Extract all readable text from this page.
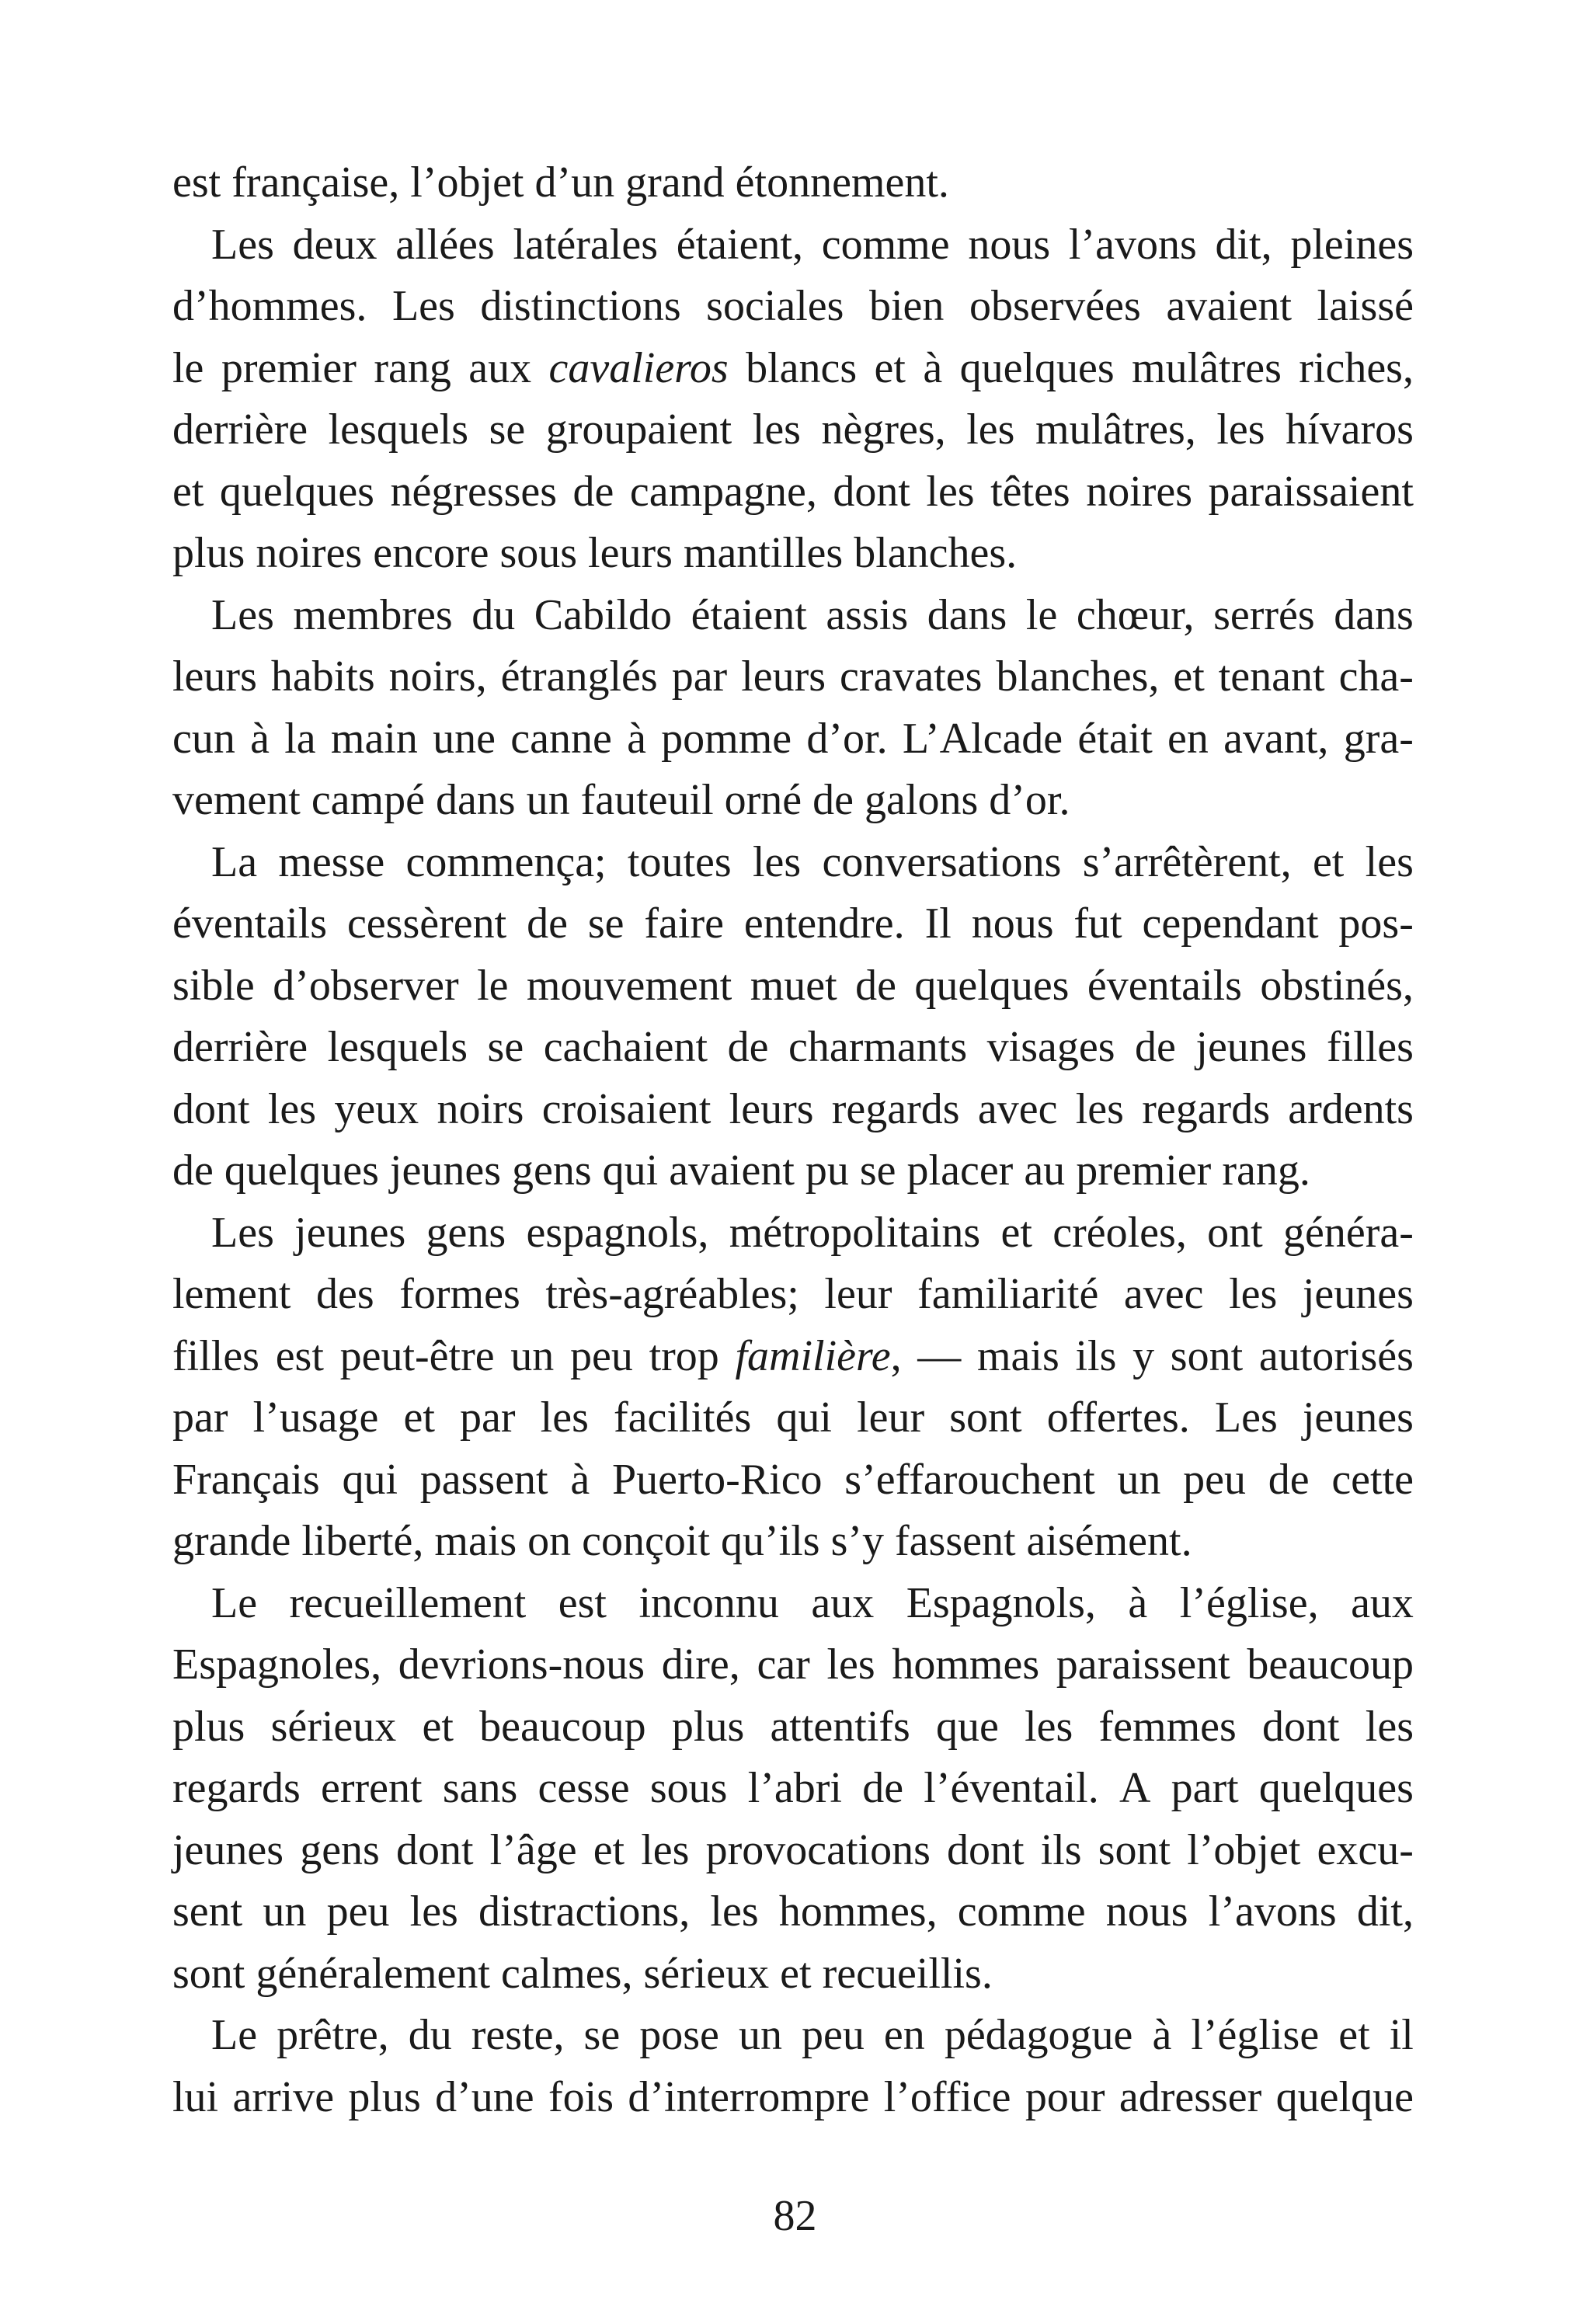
est française, l’objet d’un grand étonnement.
Les deux allées latérales étaient, comme nous l’avons dit, pleines
d’hommes. Les distinctions sociales bien observées avaient laissé
le premier rang aux cavalieros blancs et à quelques mulâtres riches,
derrière lesquels se groupaient les nègres, les mulâtres, les hívaros
et quelques négresses de campagne, dont les têtes noires paraissaient
plus noires encore sous leurs mantilles blanches.
Les membres du Cabildo étaient assis dans le chœur, serrés dans
leurs habits noirs, étranglés par leurs cravates blanches, et tenant cha-
cun à la main une canne à pomme d’or. L’Alcade était en avant, gra-
vement campé dans un fauteuil orné de galons d’or.
La messe commença; toutes les conversations s’arrêtèrent, et les
éventails cessèrent de se faire entendre. Il nous fut cependant pos-
sible d’observer le mouvement muet de quelques éventails obstinés,
derrière lesquels se cachaient de charmants visages de jeunes filles
dont les yeux noirs croisaient leurs regards avec les regards ardents
de quelques jeunes gens qui avaient pu se placer au premier rang.
Les jeunes gens espagnols, métropolitains et créoles, ont généra-
lement des formes très-agréables; leur familiarité avec les jeunes
filles est peut-être un peu trop familière, — mais ils y sont autorisés
par l’usage et par les facilités qui leur sont offertes. Les jeunes
Français qui passent à Puerto-Rico s’effarouchent un peu de cette
grande liberté, mais on conçoit qu’ils s’y fassent aisément.
Le recueillement est inconnu aux Espagnols, à l’église, aux
Espagnoles, devrions-nous dire, car les hommes paraissent beaucoup
plus sérieux et beaucoup plus attentifs que les femmes dont les
regards errent sans cesse sous l’abri de l’éventail. A part quelques
jeunes gens dont l’âge et les provocations dont ils sont l’objet excu-
sent un peu les distractions, les hommes, comme nous l’avons dit,
sont généralement calmes, sérieux et recueillis.
Le prêtre, du reste, se pose un peu en pédagogue à l’église et il
lui arrive plus d’une fois d’interrompre l’office pour adresser quelque
82
